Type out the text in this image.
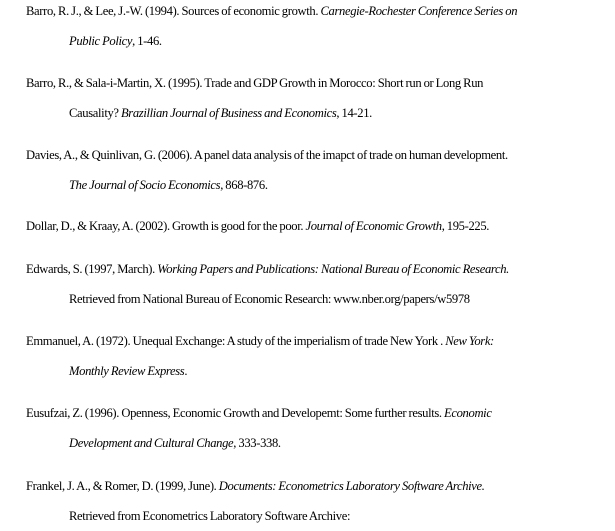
Barro, R. J., & Lee, J.-W. (1994). Sources of economic growth. Carnegie-Rochester Conference Series on
Public Policy, 1-46.
Barro, R., & Sala-i-Martin, X. (1995). Trade and GDP Growth in Morocco: Short run or Long Run
Causality? Brazillian Journal of Business and Economics, 14-21.
Davies, A., & Quinlivan, G. (2006). A panel data analysis of the imapct of trade on human development.
The Journal of Socio Economics, 868-876.
Dollar, D., & Kraay, A. (2002). Growth is good for the poor. Journal of Economic Growth, 195-225.
Edwards, S. (1997, March). Working Papers and Publications: National Bureau of Economic Research.
Retrieved from National Bureau of Economic Research: www.nber.org/papers/w5978
Emmanuel, A. (1972). Unequal Exchange: A study of the imperialism of trade New York . New York:
Monthly Review Express.
Eusufzai, Z. (1996). Openness, Economic Growth and Developemt: Some further results. Economic
Development and Cultural Change, 333-338.
Frankel, J. A., & Romer, D. (1999, June). Documents: Econometrics Laboratory Software Archive.
Retrieved from Econometrics Laboratory Software Archive:
